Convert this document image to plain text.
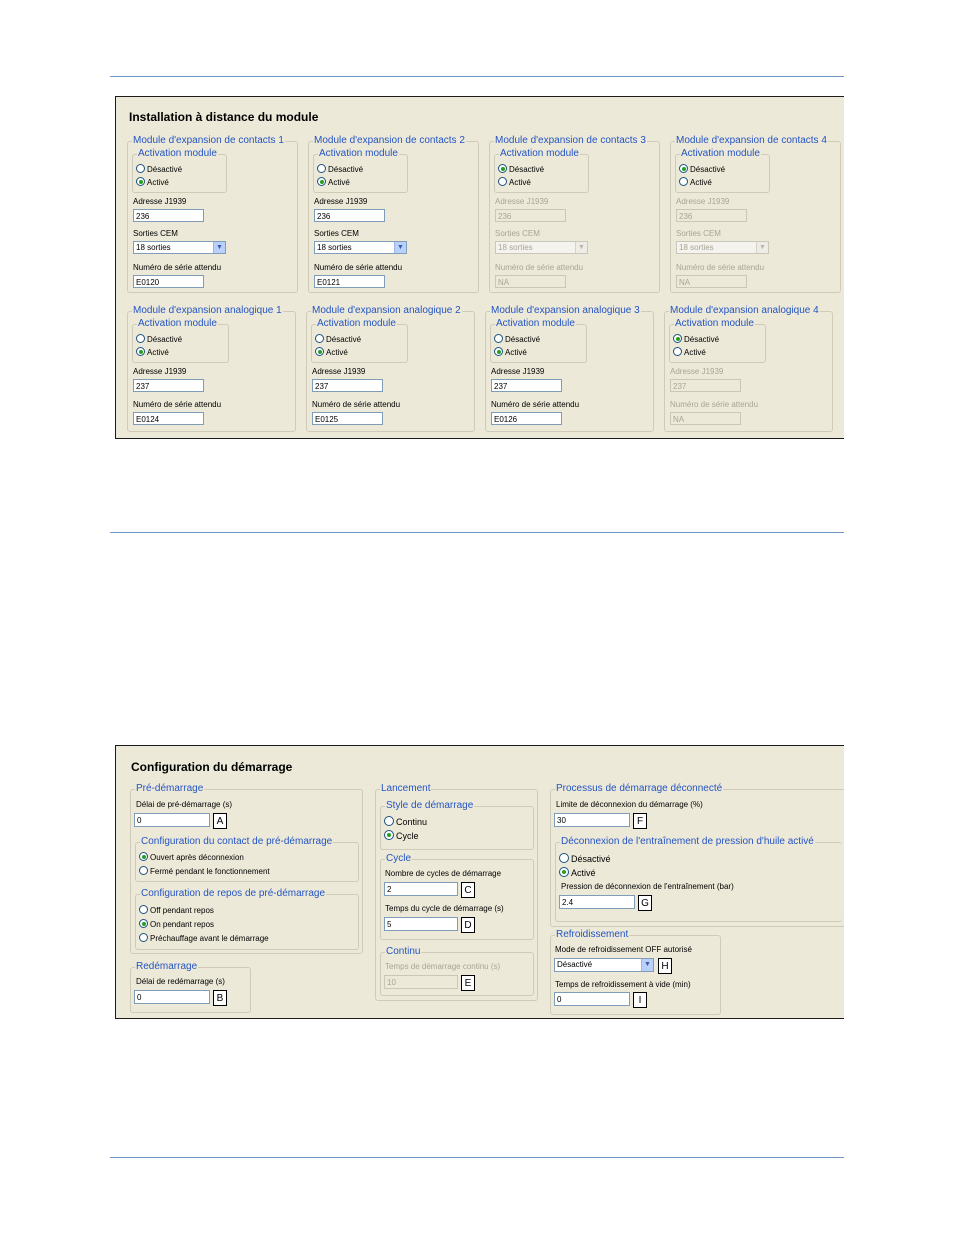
Installation à distance du module
Module d'expansion de contacts 1
Activation module
Désactivé
Activé
Adresse J1939
236
Sorties CEM
18 sorties	▼
Numéro de série attendu
E0120
Module d'expansion de contacts 2
Activation module
Désactivé
Activé
Adresse J1939
236
Sorties CEM
18 sorties	▼
Numéro de série attendu
E0121
Module d'expansion de contacts 3
Activation module
Désactivé
Activé
Adresse J1939
236
Sorties CEM
18 sorties	▼
Numéro de série attendu
NA
Module d'expansion de contacts 4
Activation module
Désactivé
Activé
Adresse J1939
236
Sorties CEM
18 sorties	▼
Numéro de série attendu
NA
Module d'expansion analogique 1
Activation module
Désactivé
Activé
Adresse J1939
237
Numéro de série attendu
E0124
Module d'expansion analogique 2
Activation module
Désactivé
Activé
Adresse J1939
237
Numéro de série attendu
E0125
Module d'expansion analogique 3
Activation module
Désactivé
Activé
Adresse J1939
237
Numéro de série attendu
E0126
Module d'expansion analogique 4
Activation module
Désactivé
Activé
Adresse J1939
237
Numéro de série attendu
NA
Configuration du démarrage
Pré-démarrage
Délai de pré-démarrage (s)
0	A
Configuration du contact de pré-démarrage
Ouvert après déconnexion
Fermé pendant le fonctionnement
Configuration de repos de pré-démarrage
Off pendant repos
On pendant repos
Préchauffage avant le démarrage
Redémarrage
Délai de redémarrage (s)
0	B
Lancement
Style de démarrage
Continu
Cycle
Cycle
Nombre de cycles de démarrage
2	C
Temps du cycle de démarrage (s)
5	D
Continu
Temps de démarrage continu (s)
10	E
Processus de démarrage déconnecté
Limite de déconnexion du démarrage (%)
30	F
Déconnexion de l'entraînement de pression d'huile activé
Désactivé
Activé
Pression de déconnexion de l'entraînement (bar)
2.4	G
Refroidissement
Mode de refroidissement OFF autorisé
Désactivé	▼	H
Temps de refroidissement à vide (min)
0	I
